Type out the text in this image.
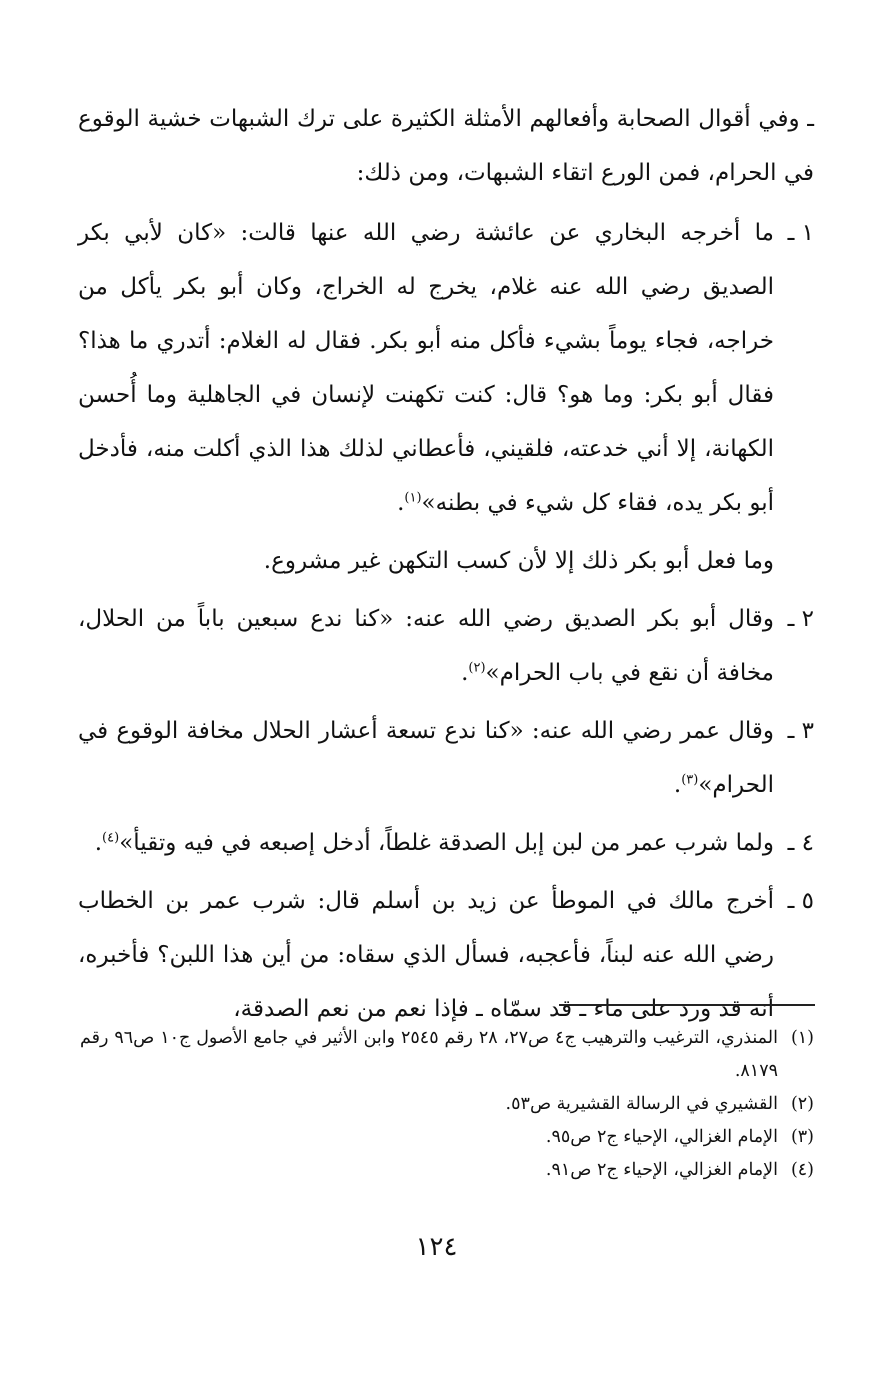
ـ وفي أقوال الصحابة وأفعالهم الأمثلة الكثيرة على ترك الشبهات خشية الوقوع في الحرام، فمن الورع اتقاء الشبهات، ومن ذلك:

١ ـ
ما أخرجه البخاري عن عائشة رضي الله عنها قالت: «كان لأبي بكر الصديق رضي الله عنه غلام، يخرج له الخراج، وكان أبو بكر يأكل من خراجه، فجاء يوماً بشيء فأكل منه أبو بكر. فقال له الغلام: أتدري ما هذا؟ فقال أبو بكر: وما هو؟ قال: كنت تكهنت لإنسان في الجاهلية وما أُحسن الكهانة، إلا أني خدعته، فلقيني، فأعطاني لذلك هذا الذي أكلت منه، فأدخل أبو بكر يده، فقاء كل شيء في بطنه»$^{(١)}$.

وما فعل أبو بكر ذلك إلا لأن كسب التكهن غير مشروع.

٢ ـ
وقال أبو بكر الصديق رضي الله عنه: «كنا ندع سبعين باباً من الحلال، مخافة أن نقع في باب الحرام»$^{(٢)}$.

٣ ـ
وقال عمر رضي الله عنه: «كنا ندع تسعة أعشار الحلال مخافة الوقوع في الحرام»$^{(٣)}$.

٤ ـ
ولما شرب عمر من لبن إبل الصدقة غلطاً، أدخل إصبعه في فيه وتقيأ»$^{(٤)}$.

٥ ـ
أخرج مالك في الموطأ عن زيد بن أسلم قال: شرب عمر بن الخطاب رضي الله عنه لبناً، فأعجبه، فسأل الذي سقاه: من أين هذا اللبن؟ فأخبره، أنه قد ورد على ماء ـ قد سمّاه ـ فإذا نعم من نعم الصدقة،

(١)
المنذري، الترغيب والترهيب ج٤ ص٢٧، ٢٨ رقم ٢٥٤٥ وابن الأثير في جامع الأصول ج١٠ ص٩٦ رقم ٨١٧٩.

(٢)
القشيري في الرسالة القشيرية ص٥٣.

(٣)
الإمام الغزالي، الإحياء ج٢ ص٩٥.

(٤)
الإمام الغزالي، الإحياء ج٢ ص٩١.

١٢٤
